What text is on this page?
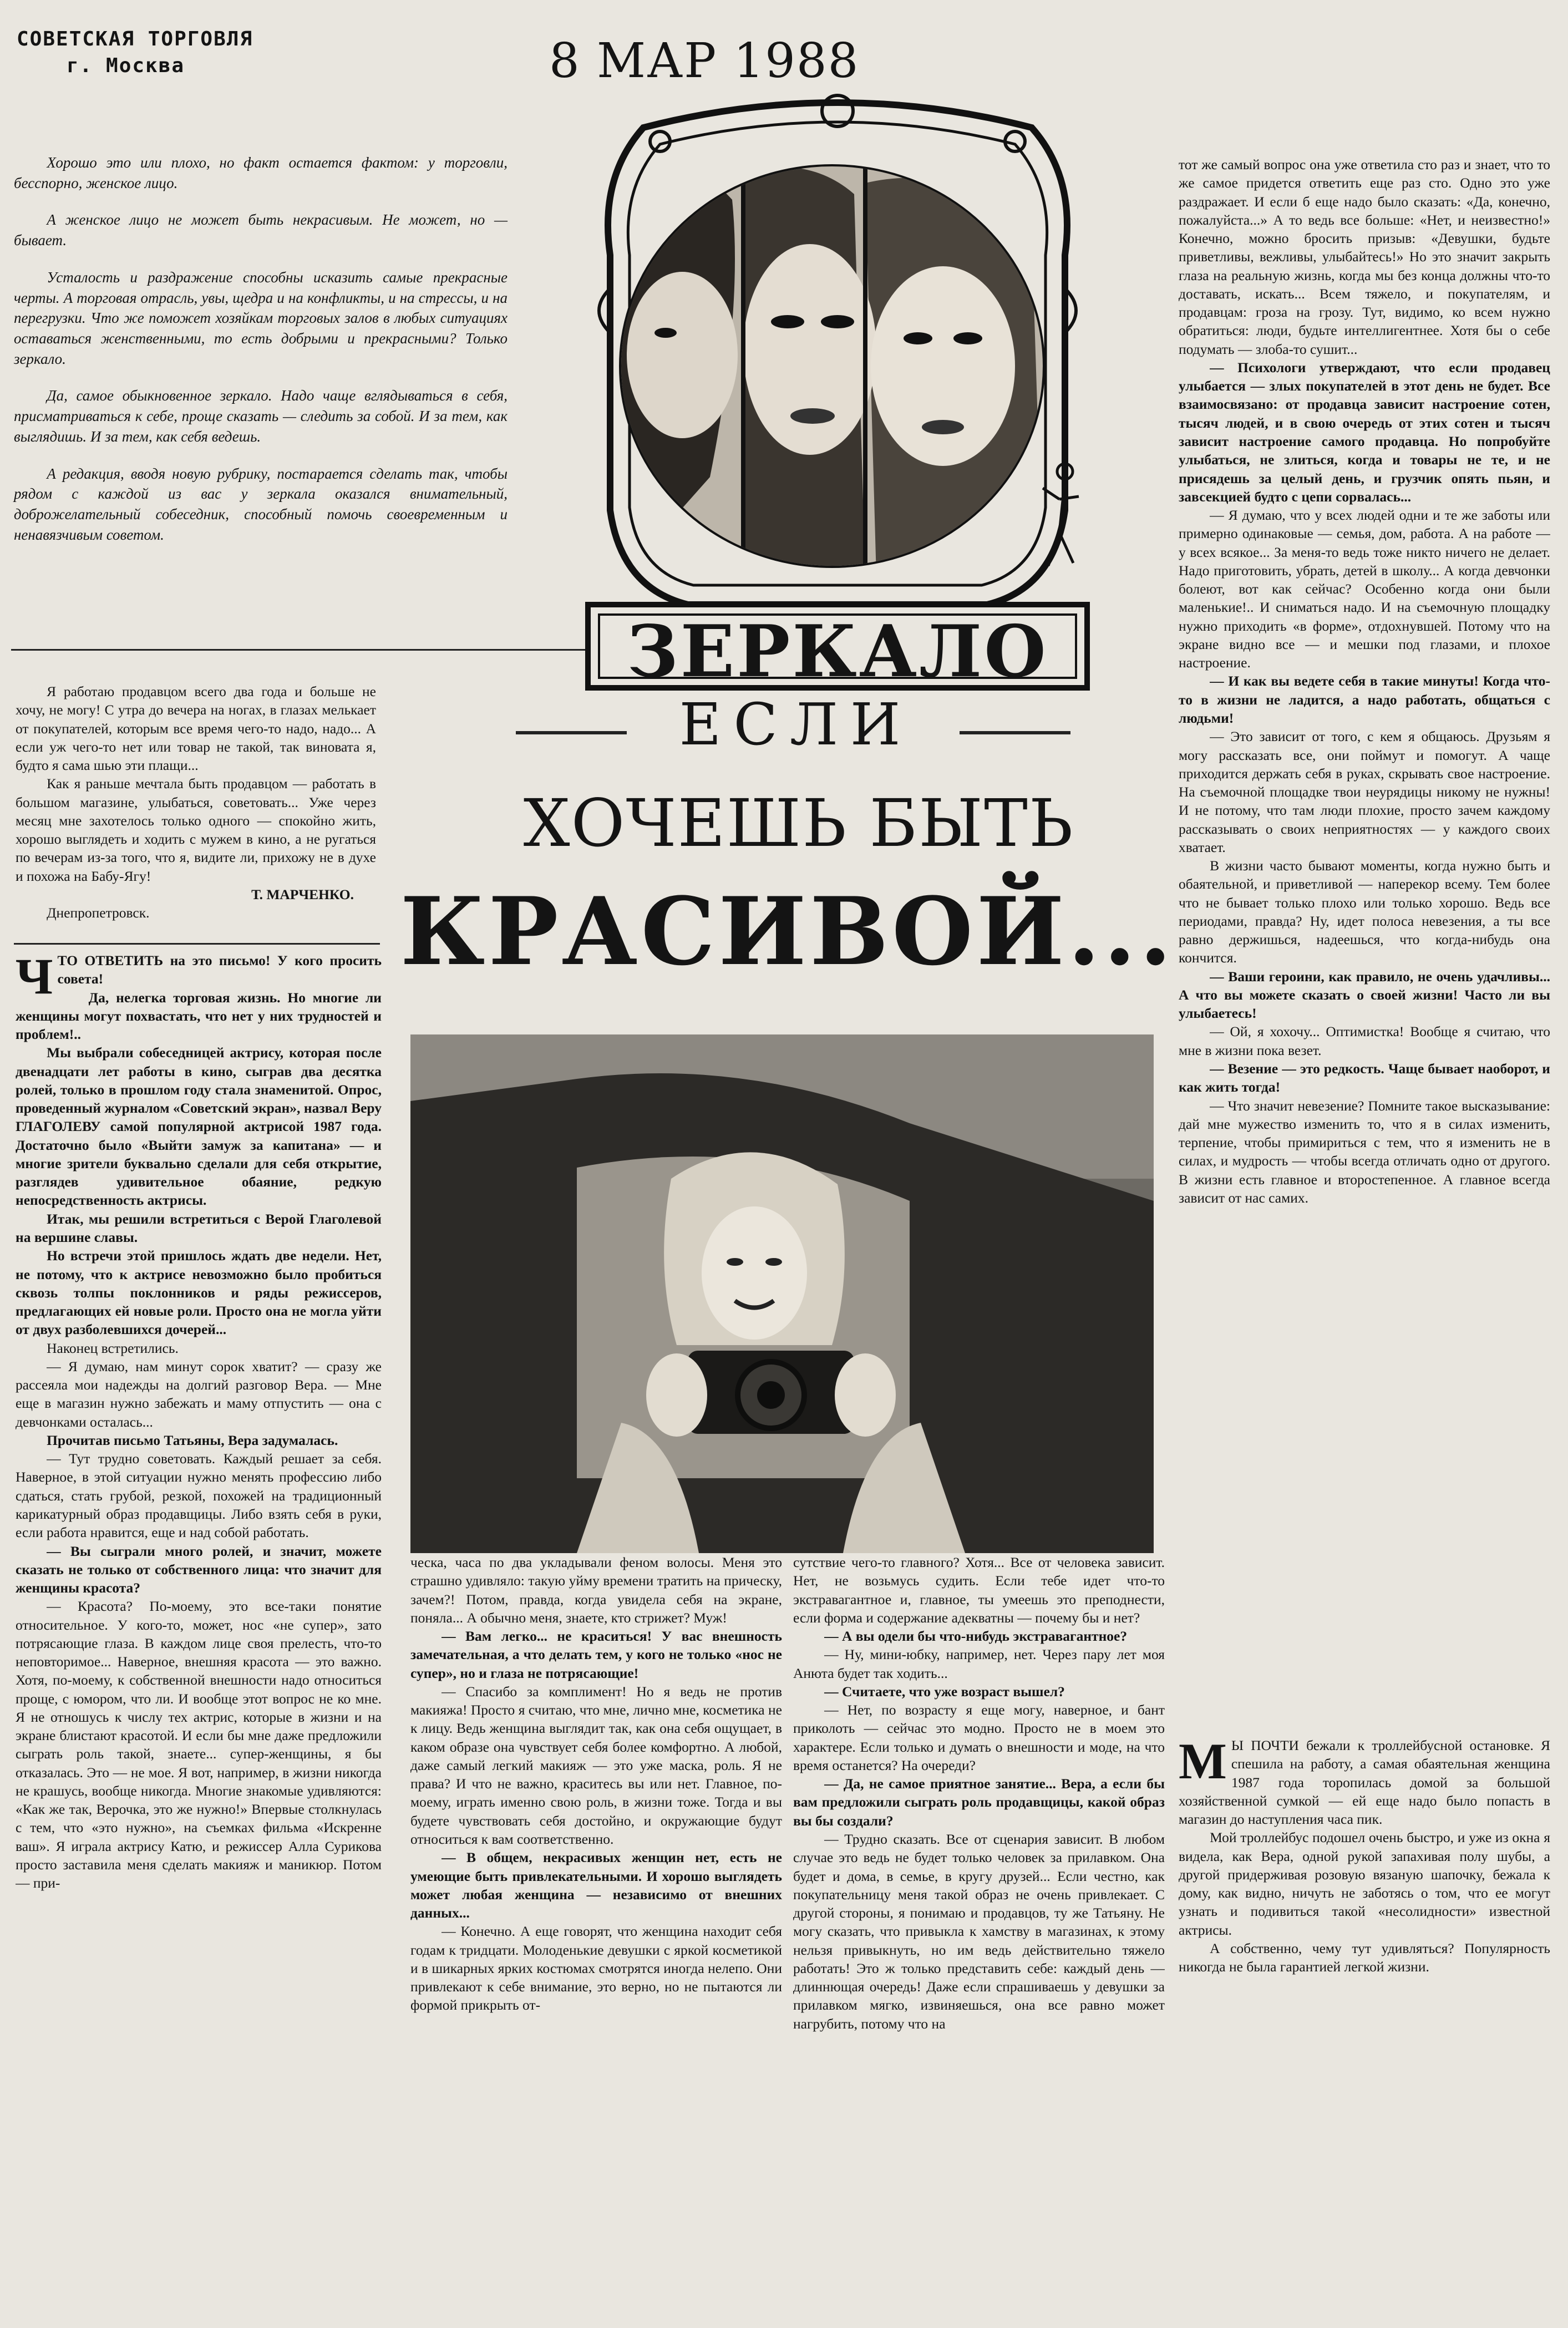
СОВЕТСКАЯ ТОРГОВЛЯ
г. Москва	8 МАР 1988

Хорошо это или плохо, но факт остается фактом: у торговли, бесспорно, женское лицо.

А женское лицо не может быть некрасивым. Не может, но — бывает.

Усталость и раздражение способны исказить самые прекрасные черты. А торговая отрасль, увы, щедра и на конфликты, и на стрессы, и на перегрузки. Что же поможет хозяйкам торговых залов в любых ситуациях оставаться женственными, то есть добрыми и прекрасными? Только зеркало.

Да, самое обыкновенное зеркало. Надо чаще вглядываться в себя, присматриваться к себе, проще сказать — следить за собой. И за тем, как выглядишь. И за тем, как себя ведешь.

А редакция, вводя новую рубрику, постарается сделать так, чтобы рядом с каждой из вас у зеркала оказался внимательный, доброжелательный собеседник, способный помочь своевременным и ненавязчивым советом.

ЗЕРКАЛО
ЕСЛИ
ХОЧЕШЬ БЫТЬ
КРАСИВОЙ...

Я работаю продавцом всего два года и больше не хочу, не могу! С утра до вечера на ногах, в глазах мелькает от покупателей, которым все время чего-то надо, надо... А если уж чего-то нет или товар не такой, так виновата я, будто я сама шью эти плащи...

Как я раньше мечтала быть продавцом — работать в большом магазине, улыбаться, советовать... Уже через месяц мне захотелось только одного — спокойно жить, хорошо выглядеть и ходить с мужем в кино, а не ругаться по вечерам из-за того, что я, видите ли, прихожу не в духе и похожа на Бабу-Ягу!

Т. МАРЧЕНКО.
Днепропетровск.
Ч ТО ОТВЕТИТЬ на это письмо! У кого просить совета!

Да, нелегка торговая жизнь. Но многие ли женщины могут похвастать, что нет у них трудностей и проблем!..

Мы выбрали собеседницей актрису, которая после двенадцати лет работы в кино, сыграв два десятка ролей, только в прошлом году стала знаменитой. Опрос, проведенный журналом «Советский экран», назвал Веру ГЛАГОЛЕВУ самой популярной актрисой 1987 года. Достаточно было «Выйти замуж за капитана» — и многие зрители буквально сделали для себя открытие, разглядев удивительное обаяние, редкую непосредственность актрисы.

Итак, мы решили встретиться с Верой Глаголевой на вершине славы.

Но встречи этой пришлось ждать две недели. Нет, не потому, что к актрисе невозможно было пробиться сквозь толпы поклонников и ряды режиссеров, предлагающих ей новые роли. Просто она не могла уйти от двух разболевшихся дочерей...

Наконец встретились.

— Я думаю, нам минут сорок хватит? — сразу же рассеяла мои надежды на долгий разговор Вера. — Мне еще в магазин нужно забежать и маму отпустить — она с девчонками осталась...

Прочитав письмо Татьяны, Вера задумалась.

— Тут трудно советовать. Каждый решает за себя. Наверное, в этой ситуации нужно менять профессию либо сдаться, стать грубой, резкой, похожей на традиционный карикатурный образ продавщицы. Либо взять себя в руки, если работа нравится, еще и над собой работать.

— Вы сыграли много ролей, и значит, можете сказать не только от собственного лица: что значит для женщины красота?

— Красота? По-моему, это все-таки понятие относительное. У кого-то, может, нос «не супер», зато потрясающие глаза. В каждом лице своя прелесть, что-то неповторимое... Наверное, внешняя красота — это важно. Хотя, по-моему, к собственной внешности надо относиться проще, с юмором, что ли. И вообще этот вопрос не ко мне. Я не отношусь к числу тех актрис, которые в жизни и на экране блистают красотой. И если бы мне даже предложили сыграть роль такой, знаете... супер-женщины, я бы отказалась. Это — не мое. Я вот, например, в жизни никогда не крашусь, вообще никогда. Многие знакомые удивляются: «Как же так, Верочка, это же нужно!» Впервые столкнулась с тем, что «это нужно», на съемках фильма «Искренне ваш». Я играла актрису Катю, и режиссер Алла Сурикова просто заставила меня сделать макияж и маникюр. Потом — при-

ческа, часа по два укладывали феном волосы. Меня это страшно удивляло: такую уйму времени тратить на прическу, зачем?! Потом, правда, когда увидела себя на экране, поняла... А обычно меня, знаете, кто стрижет? Муж!

— Вам легко... не краситься! У вас внешность замечательная, а что делать тем, у кого не только «нос не супер», но и глаза не потрясающие!

— Спасибо за комплимент! Но я ведь не против макияжа! Просто я считаю, что мне, лично мне, косметика не к лицу. Ведь женщина выглядит так, как она себя ощущает, в каком образе она чувствует себя более комфортно. А любой, даже самый легкий макияж — это уже маска, роль. Я не права? И что не важно, краситесь вы или нет. Главное, по-моему, играть именно свою роль, в жизни тоже. Тогда и вы будете чувствовать себя достойно, и окружающие будут относиться к вам соответственно.

— В общем, некрасивых женщин нет, есть не умеющие быть привлекательными. И хорошо выглядеть может любая женщина — независимо от внешних данных...

— Конечно. А еще говорят, что женщина находит себя годам к тридцати. Молоденькие девушки с яркой косметикой и в шикарных ярких костюмах смотрятся иногда нелепо. Они привлекают к себе внимание, это верно, но не пытаются ли формой прикрыть от-

сутствие чего-то главного? Хотя... Все от человека зависит. Нет, не возьмусь судить. Если тебе идет что-то экстравагантное и, главное, ты умеешь это преподнести, если форма и содержание адекватны — почему бы и нет?

— А вы одели бы что-нибудь экстравагантное?

— Ну, мини-юбку, например, нет. Через пару лет моя Анюта будет так ходить...

— Считаете, что уже возраст вышел?

— Нет, по возрасту я еще могу, наверное, и бант приколоть — сейчас это модно. Просто не в моем это характере. Если только и думать о внешности и моде, на что время останется? На очереди?

— Да, не самое приятное занятие... Вера, а если бы вам предложили сыграть роль продавщицы, какой образ вы бы создали?

— Трудно сказать. Все от сценария зависит. В любом случае это ведь не будет только человек за прилавком. Она будет и дома, в семье, в кругу друзей... Если честно, как покупательницу меня такой образ не очень привлекает. С другой стороны, я понимаю и продавцов, ту же Татьяну. Не могу сказать, что привыкла к хамству в магазинах, к этому нельзя привыкнуть, но им ведь действительно тяжело работать! Это ж только представить себе: каждый день — длиннющая очередь! Даже если спрашиваешь у девушки за прилавком мягко, извиняешься, она все равно может нагрубить, потому что на

тот же самый вопрос она уже ответила сто раз и знает, что то же самое придется ответить еще раз сто. Одно это уже раздражает. И если б еще надо было сказать: «Да, конечно, пожалуйста...» А то ведь все больше: «Нет, и неизвестно!» Конечно, можно бросить призыв: «Девушки, будьте приветливы, вежливы, улыбайтесь!» Но это значит закрыть глаза на реальную жизнь, когда мы без конца должны что-то доставать, искать... Всем тяжело, и покупателям, и продавцам: гроза на грозу. Тут, видимо, ко всем нужно обратиться: люди, будьте интеллигентнее. Хотя бы о себе подумать — злоба-то сушит...

— Психологи утверждают, что если продавец улыбается — злых покупателей в этот день не будет. Все взаимосвязано: от продавца зависит настроение сотен, тысяч людей, и в свою очередь от этих сотен и тысяч зависит настроение самого продавца. Но попробуйте улыбаться, не злиться, когда и товары не те, и не присядешь за целый день, и грузчик опять пьян, и завсекцией будто с цепи сорвалась...

— Я думаю, что у всех людей одни и те же заботы или примерно одинаковые — семья, дом, работа. А на работе — у всех всякое... За меня-то ведь тоже никто ничего не делает. Надо приготовить, убрать, детей в школу... А когда девчонки болеют, вот как сейчас? Особенно когда они были маленькие!.. И сниматься надо. И на съемочную площадку нужно приходить «в форме», отдохнувшей. Потому что на экране видно все — и мешки под глазами, и плохое настроение.

— И как вы ведете себя в такие минуты! Когда что-то в жизни не ладится, а надо работать, общаться с людьми!

— Это зависит от того, с кем я общаюсь. Друзьям я могу рассказать все, они поймут и помогут. А чаще приходится держать себя в руках, скрывать свое настроение. На съемочной площадке твои неурядицы никому не нужны! И не потому, что там люди плохие, просто зачем каждому рассказывать о своих неприятностях — у каждого своих хватает.

В жизни часто бывают моменты, когда нужно быть и обаятельной, и приветливой — наперекор всему. Тем более что не бывает только плохо или только хорошо. Ведь все периодами, правда? Ну, идет полоса невезения, а ты все равно держишься, надеешься, что когда-нибудь она кончится.

— Ваши героини, как правило, не очень удачливы... А что вы можете сказать о своей жизни! Часто ли вы улыбаетесь!

— Ой, я хохочу... Оптимистка! Вообще я считаю, что мне в жизни пока везет.

— Везение — это редкость. Чаще бывает наоборот, и как жить тогда!

— Что значит невезение? Помните такое высказывание: дай мне мужество изменить то, что я в силах изменить, терпение, чтобы примириться с тем, что я изменить не в силах, и мудрость — чтобы всегда отличать одно от другого. В жизни есть главное и второстепенное. А главное всегда зависит от нас самих.

М Ы ПОЧТИ бежали к троллейбусной остановке. Я спешила на работу, а самая обаятельная женщина 1987 года торопилась домой за большой хозяйственной сумкой — ей еще надо было попасть в магазин до наступления часа пик.

Мой троллейбус подошел очень быстро, и уже из окна я видела, как Вера, одной рукой запахивая полу шубы, а другой придерживая розовую вязаную шапочку, бежала к дому, как видно, ничуть не заботясь о том, что ее могут узнать и подивиться такой «несолидности» известной актрисы.

А собственно, чему тут удивляться? Популярность никогда не была гарантией легкой жизни.
